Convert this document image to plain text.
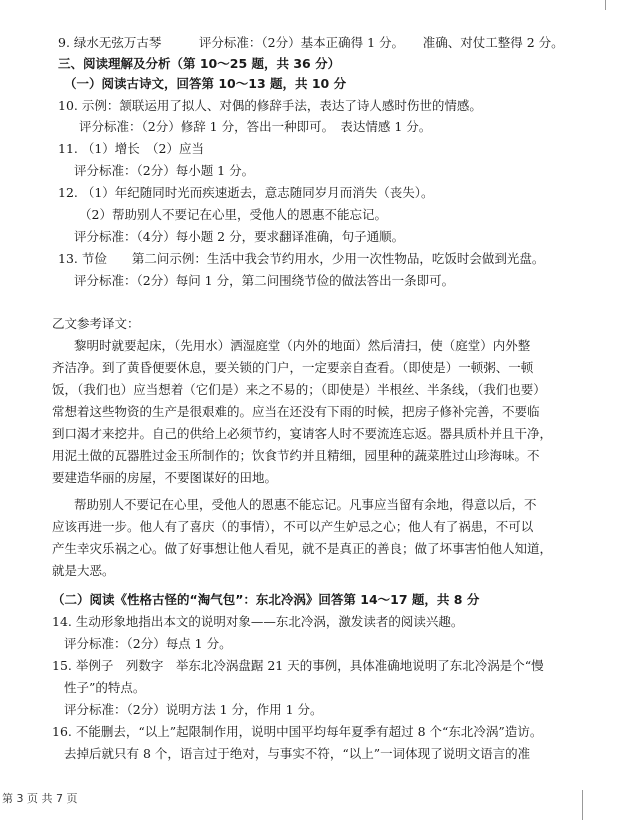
9. 绿水无弦万古琴　　　评分标准：（2分）基本正确得 1 分。　　准确、对仗工整得 2 分。
三、阅读理解及分析（第 10～25 题，共 36 分）
（一）阅读古诗文，回答第 10～13 题，共 10 分
10. 示例：颔联运用了拟人、对偶的修辞手法，表达了诗人感时伤世的情感。
评分标准：（2分）修辞 1 分，答出一种即可。　表达情感 1 分。
11. （1）增长　（2）应当
评分标准：（2分）每小题 1 分。
12. （1）年纪随同时光而疾速逝去，意志随同岁月而消失（丧失）。
（2）帮助别人不要记在心里，受他人的恩惠不能忘记。
评分标准：（4分）每小题 2 分，要求翻译准确，句子通顺。
13. 节俭　　第二问示例：生活中我会节约用水，少用一次性物品，吃饭时会做到光盘。
评分标准：（2分）每问 1 分，第二问围绕节俭的做法答出一条即可。
乙文参考译文：
黎明时就要起床，（先用水）洒湿庭堂（内外的地面）然后清扫，使（庭堂）内外整
齐洁净。到了黄昏便要休息，要关锁的门户，一定要亲自查看。（即使是）一顿粥、一顿
饭，（我们也）应当想着（它们是）来之不易的；（即使是）半根丝、半条线，（我们也要）
常想着这些物资的生产是很艰难的。应当在还没有下雨的时候，把房子修补完善，不要临
到口渴才来挖井。自己的供给上必须节约，宴请客人时不要流连忘返。器具质朴并且干净，
用泥土做的瓦器胜过金玉所制作的；饮食节约并且精细，园里种的蔬菜胜过山珍海味。不
要建造华丽的房屋，不要图谋好的田地。
帮助别人不要记在心里，受他人的恩惠不能忘记。凡事应当留有余地，得意以后，不
应该再进一步。他人有了喜庆（的事情），不可以产生妒忌之心；他人有了祸患，不可以
产生幸灾乐祸之心。做了好事想让他人看见，就不是真正的善良；做了坏事害怕他人知道，
就是大恶。
（二）阅读《性格古怪的“淘气包”：东北冷涡》回答第 14～17 题，共 8 分
14. 生动形象地指出本文的说明对象——东北冷涡，激发读者的阅读兴趣。
评分标准：（2分）每点 1 分。
15. 举例子　列数字　举东北冷涡盘踞 21 天的事例，具体准确地说明了东北冷涡是个“慢
性子”的特点。
评分标准：（2分）说明方法 1 分，作用 1 分。
16. 不能删去，“以上”起限制作用，说明中国平均每年夏季有超过 8 个“东北冷涡”造访。
去掉后就只有 8 个，语言过于绝对，与事实不符，“以上”一词体现了说明文语言的准
第 3 页 共 7 页
